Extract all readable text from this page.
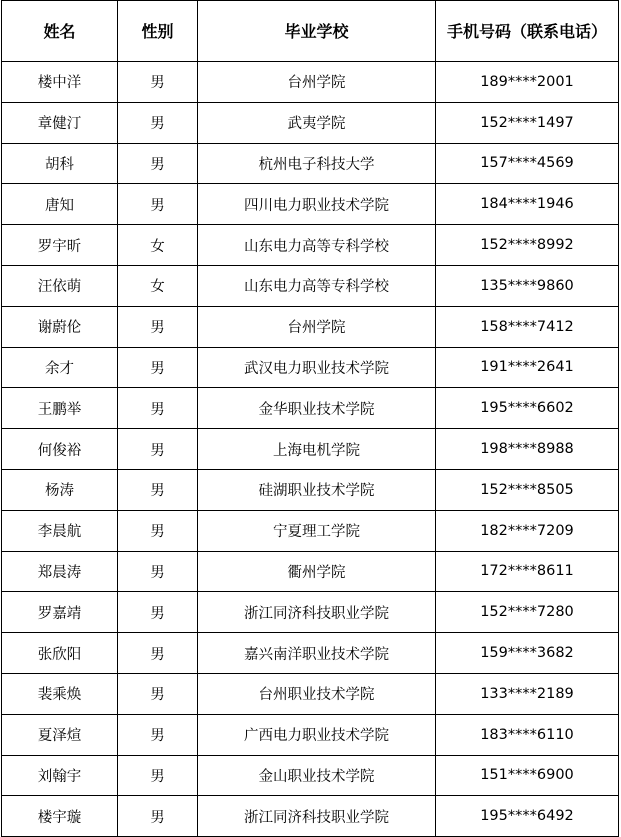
姓名	性别	毕业学校	手机号码（联系电话）
楼中洋	男	台州学院	189****2001
章健汀	男	武夷学院	152****1497
胡科	男	杭州电子科技大学	157****4569
唐知	男	四川电力职业技术学院	184****1946
罗宇昕	女	山东电力高等专科学校	152****8992
汪依萌	女	山东电力高等专科学校	135****9860
谢蔚伦	男	台州学院	158****7412
余才	男	武汉电力职业技术学院	191****2641
王鹏举	男	金华职业技术学院	195****6602
何俊裕	男	上海电机学院	198****8988
杨涛	男	硅湖职业技术学院	152****8505
李晨航	男	宁夏理工学院	182****7209
郑晨涛	男	衢州学院	172****8611
罗嘉靖	男	浙江同济科技职业学院	152****7280
张欣阳	男	嘉兴南洋职业技术学院	159****3682
裴乘焕	男	台州职业技术学院	133****2189
夏泽煊	男	广西电力职业技术学院	183****6110
刘翰宇	男	金山职业技术学院	151****6900
楼宇璇	男	浙江同济科技职业学院	195****6492
